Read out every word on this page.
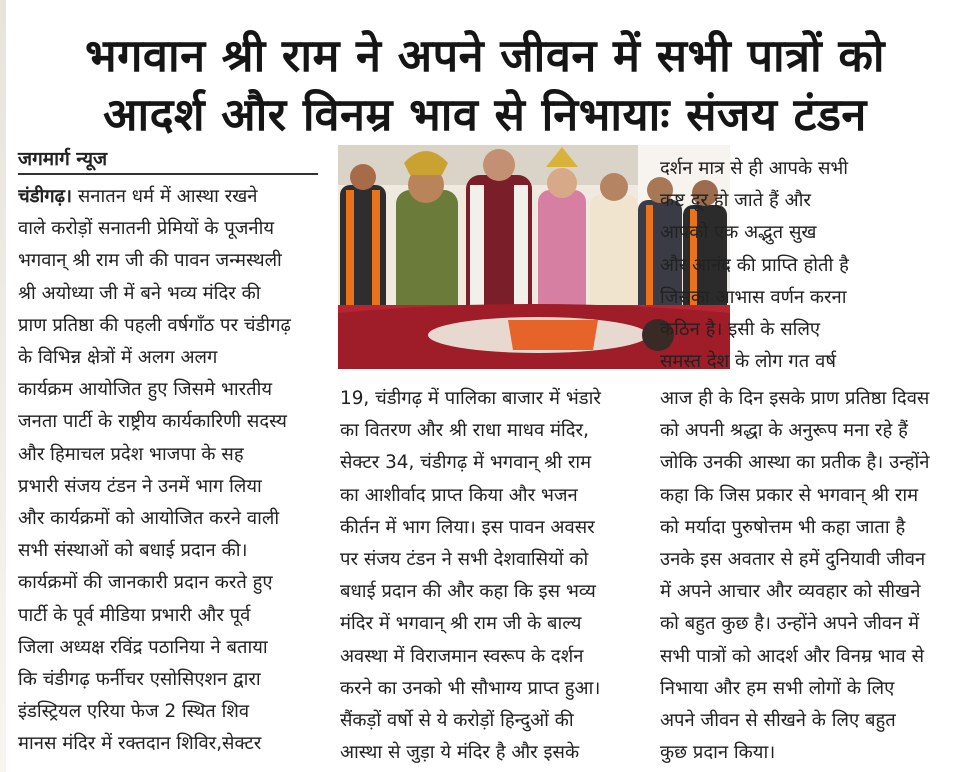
भगवान श्री राम ने अपने जीवन में सभी पात्रों को
आदर्श और विनम्र भाव से निभायाः संजय टंडन
जगमार्ग न्यूज
चंडीगढ़। सनातन धर्म में आस्था रखने
वाले करोड़ों सनातनी प्रेमियों के पूजनीय
भगवान् श्री राम जी की पावन जन्मस्थली
श्री अयोध्या जी में बने भव्य मंदिर की
प्राण प्रतिष्ठा की पहली वर्षगाँठ पर चंडीगढ़
के विभिन्न क्षेत्रों में अलग अलग
कार्यक्रम आयोजित हुए जिसमे भारतीय
जनता पार्टी के राष्ट्रीय कार्यकारिणी सदस्य
और हिमाचल प्रदेश भाजपा के सह
प्रभारी संजय टंडन ने उनमें भाग लिया
और कार्यक्रमों को आयोजित करने वाली
सभी संस्थाओं को बधाई प्रदान की।
कार्यक्रमों की जानकारी प्रदान करते हुए
पार्टी के पूर्व मीडिया प्रभारी और पूर्व
जिला अध्यक्ष रविंद्र पठानिया ने बताया
कि चंडीगढ़ फर्नीचर एसोसिएशन द्वारा
इंडस्ट्रियल एरिया फेज 2 स्थित शिव
मानस मंदिर में रक्तदान शिविर,सेक्टर
19, चंडीगढ़ में पालिका बाजार में भंडारे
का वितरण और श्री राधा माधव मंदिर,
सेक्टर 34, चंडीगढ़ में भगवान् श्री राम
का आशीर्वाद प्राप्त किया और भजन
कीर्तन में भाग लिया। इस पावन अवसर
पर संजय टंडन ने सभी देशवासियों को
बधाई प्रदान की और कहा कि इस भव्य
मंदिर में भगवान् श्री राम जी के बाल्य
अवस्था में विराजमान स्वरूप के दर्शन
करने का उनको भी सौभाग्य प्राप्त हुआ।
सैंकड़ों वर्षो से ये करोड़ों हिन्दुओं की
आस्था से जुड़ा ये मंदिर है और इसके
दर्शन मात्र से ही आपके सभी
कष्ट दूर हो जाते हैं और
आपको एक अद्भुत सुख
और आनंद की प्राप्ति होती है
जिसका आभास वर्णन करना
कठिन है। इसी के सलिए
समस्त देश के लोग गत वर्ष
आज ही के दिन इसके प्राण प्रतिष्ठा दिवस
को अपनी श्रद्धा के अनुरूप मना रहे हैं
जोकि उनकी आस्था का प्रतीक है। उन्होंने
कहा कि जिस प्रकार से भगवान् श्री राम
को मर्यादा पुरुषोत्तम भी कहा जाता है
उनके इस अवतार से हमें दुनियावी जीवन
में अपने आचार और व्यवहार को सीखने
को बहुत कुछ है। उन्होंने अपने जीवन में
सभी पात्रों को आदर्श और विनम्र भाव से
निभाया और हम सभी लोगों के लिए
अपने जीवन से सीखने के लिए बहुत
कुछ प्रदान किया।
